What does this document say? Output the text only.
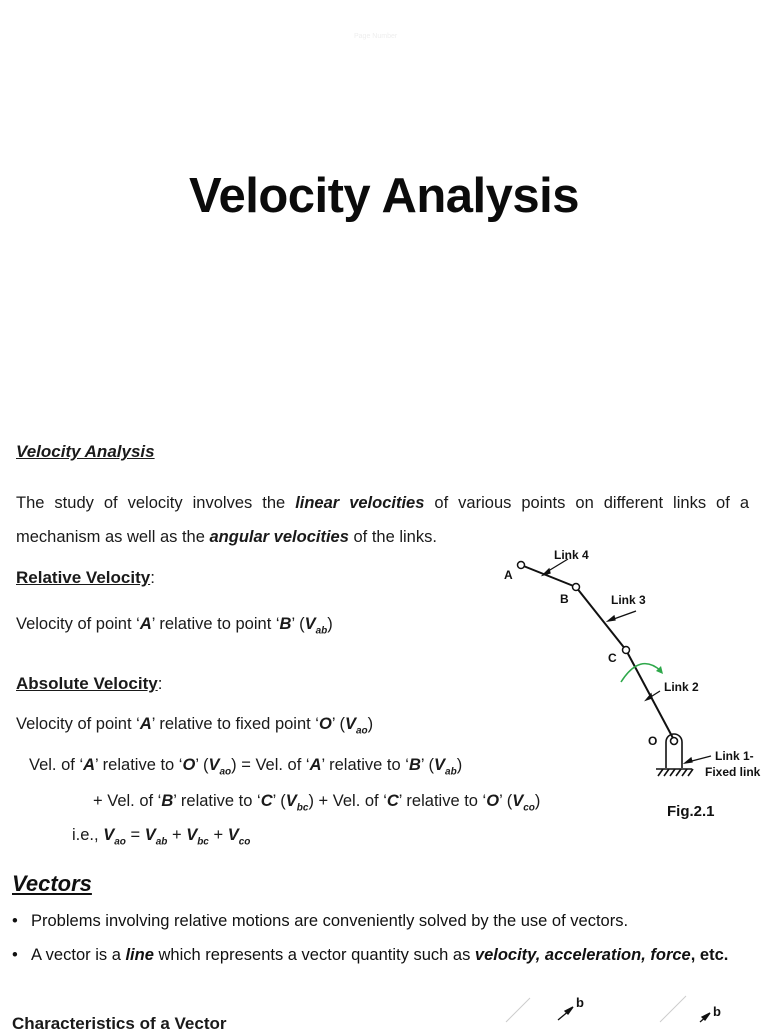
Page Number
Velocity Analysis
Velocity Analysis
The study of velocity involves the linear velocities of various points on different links of a mechanism as well as the angular velocities of the links.
Relative Velocity:
Velocity of point ‘A’ relative to point ‘B’ $(V_{ab})$
Absolute Velocity:
Velocity of point ‘A’ relative to fixed point ‘O’ $(V_{ao})$
Vel. of ‘A’ relative to ‘O’ $(V_{ao})$ = Vel. of ‘A’ relative to ‘B’ $(V_{ab})$
+ Vel. of ‘B’ relative to ‘C’ $(V_{bc})$ + Vel. of ‘C’ relative to ‘O’ $(V_{co})$
i.e., $V_{ao} = V_{ab} + V_{bc} + V_{co}$
Vectors
• Problems involving relative motions are conveniently solved by the use of vectors.
• A vector is a line which represents a vector quantity such as velocity, acceleration, force, etc.
Characteristics of a Vector
A
B
C
O
Link 4
Link 3
Link 2
Link 1-
Fixed link
Fig.2.1
b
b
